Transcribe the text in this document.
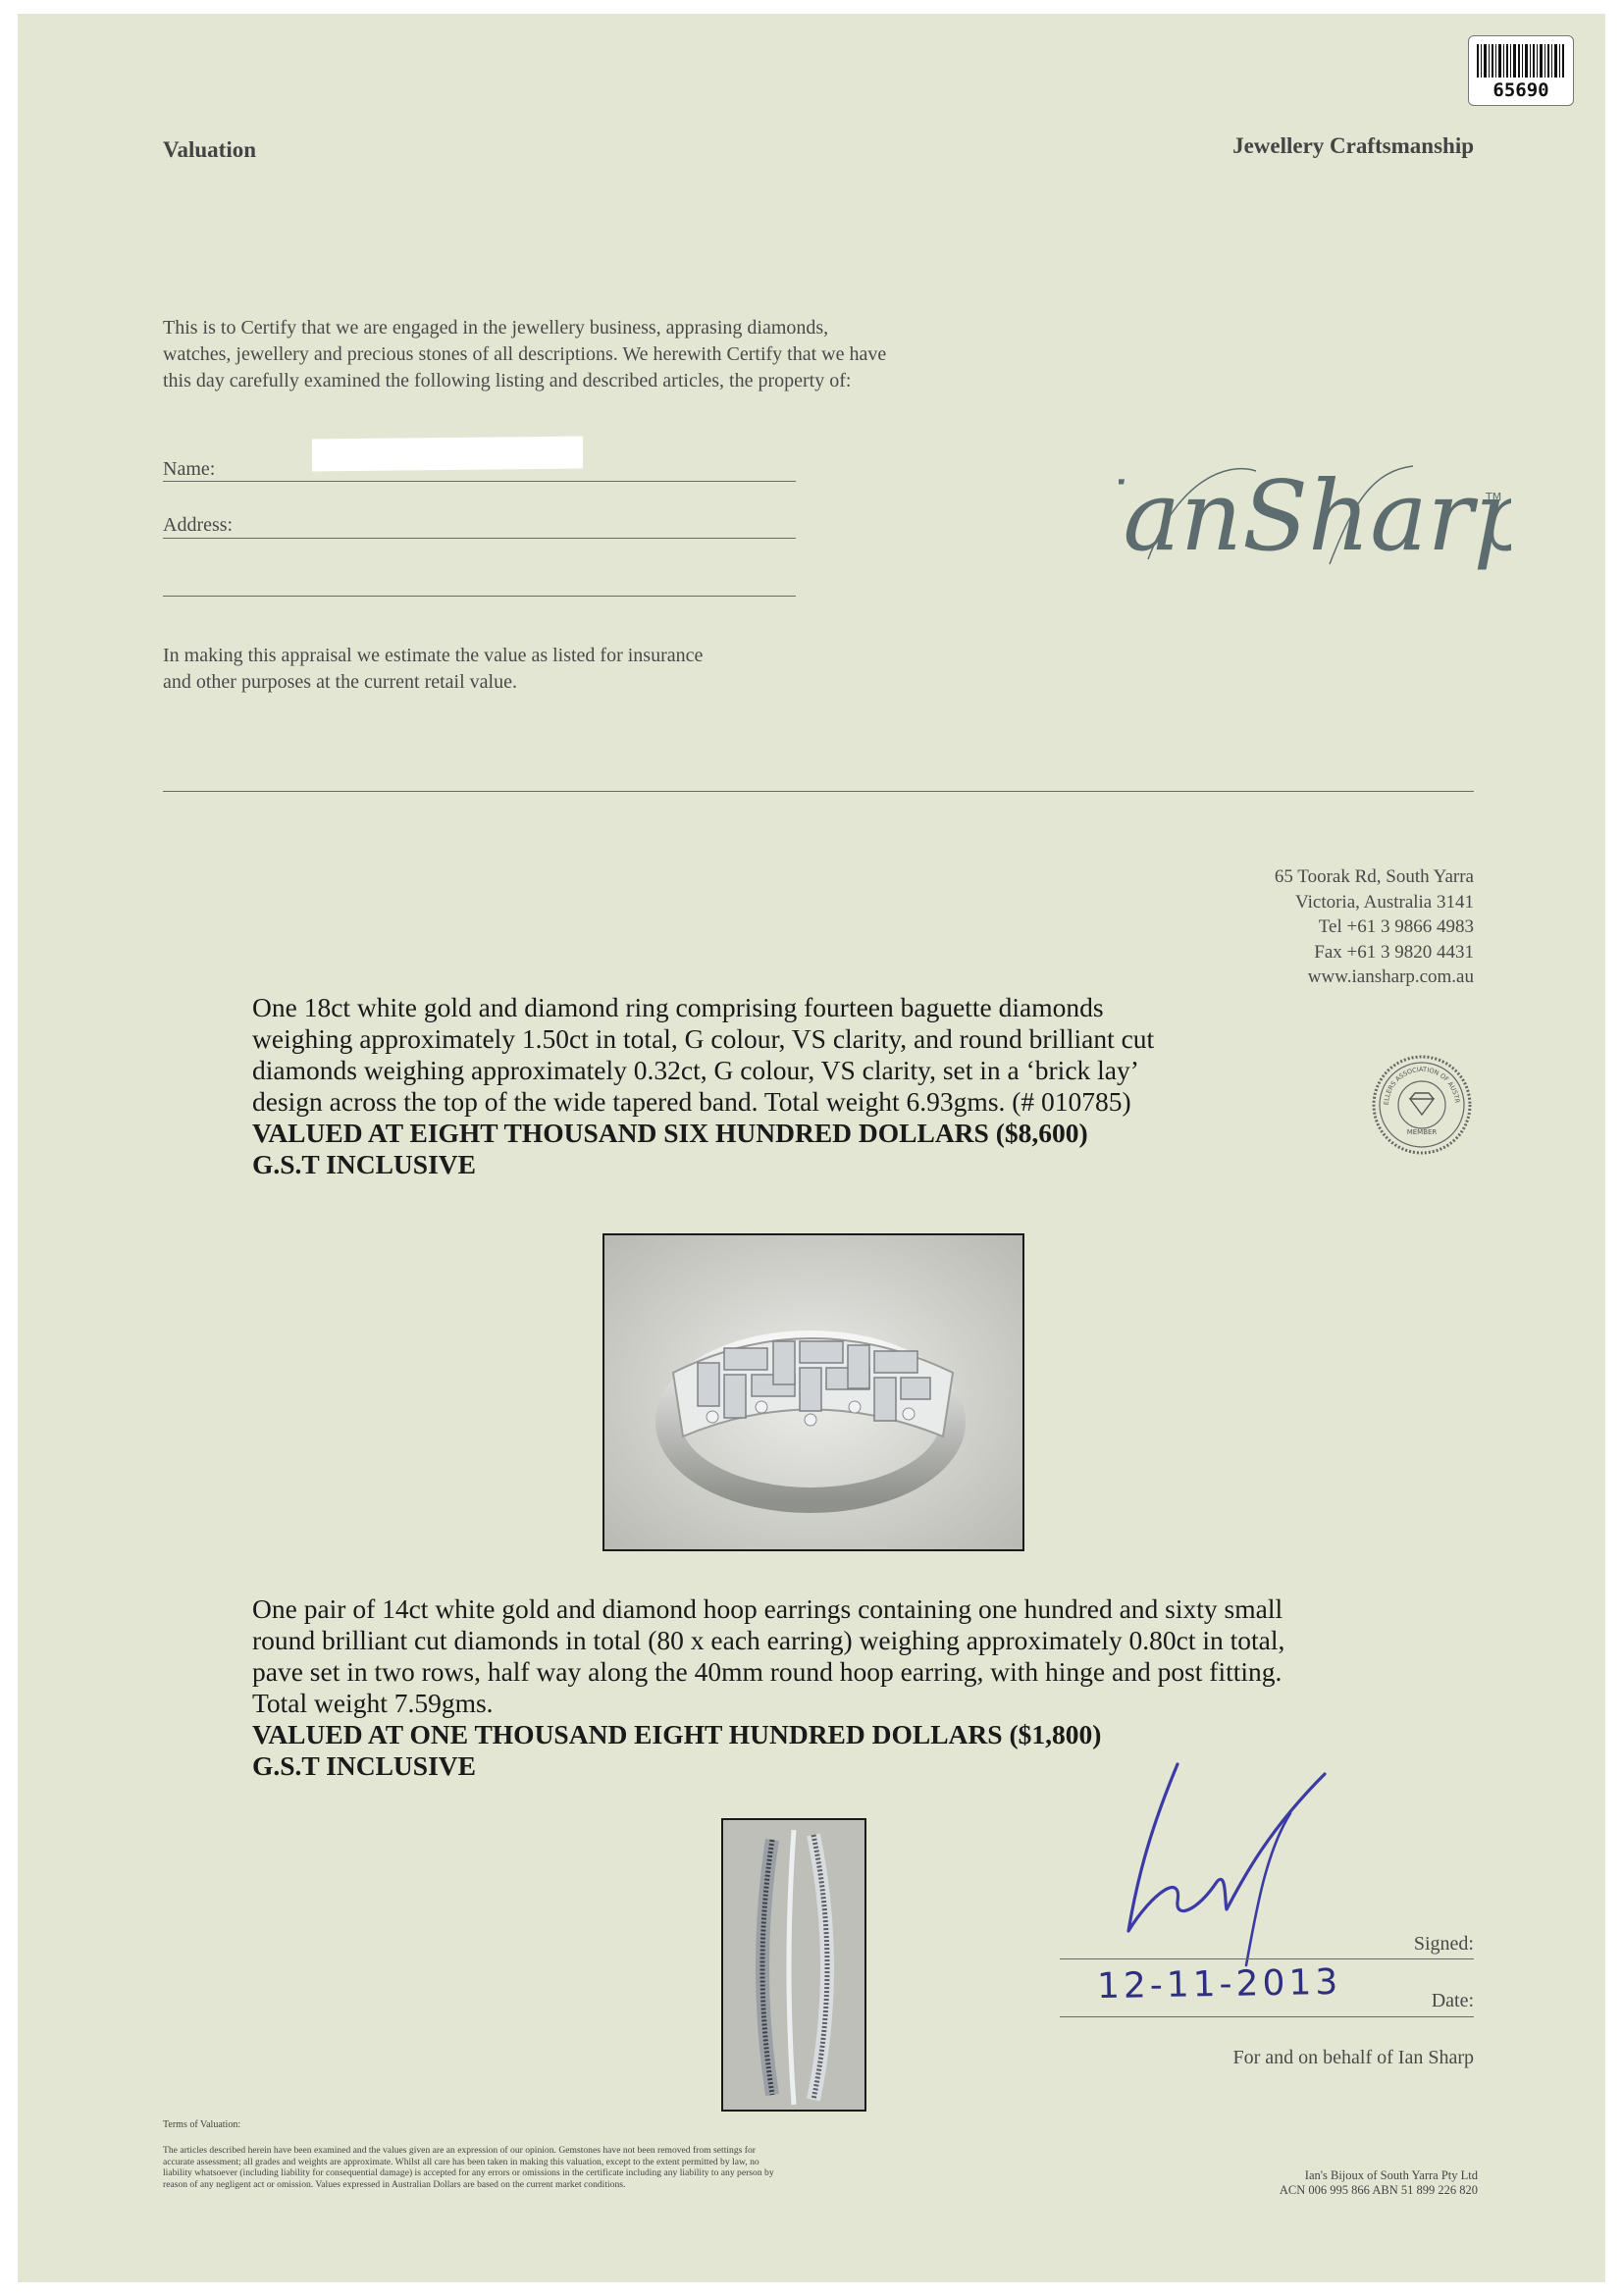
65690
Valuation	Jewellery Craftsmanship
This is to Certify that we are engaged in the jewellery business, apprasing diamonds,
watches, jewellery and precious stones of all descriptions. We herewith Certify that we have
this day carefully examined the following listing and described articles, the property of:
Name:
Address:	anShar	TM
In making this appraisal we estimate the value as listed for insurance
and other purposes at the current retail value.
65 Toorak Rd, South Yarra
Victoria, Australia 3141
Tel +61 3 9866 4983
Fax +61 3 9820 4431
www.iansharp.com.au
ELLERS ASSOCIATION OF AUSTR
MEMBER
One 18ct white gold and diamond ring comprising fourteen baguette diamonds
weighing approximately 1.50ct in total, G colour, VS clarity, and round brilliant cut
diamonds weighing approximately 0.32ct, G colour, VS clarity, set in a ‘brick lay’
design across the top of the wide tapered band. Total weight 6.93gms. (# 010785)
VALUED AT EIGHT THOUSAND SIX HUNDRED DOLLARS ($8,600)
G.S.T INCLUSIVE
One pair of 14ct white gold and diamond hoop earrings containing one hundred and sixty small
round brilliant cut diamonds in total (80 x each earring) weighing approximately 0.80ct in total,
pave set in two rows, half way along the 40mm round hoop earring, with hinge and post fitting.
Total weight 7.59gms.
VALUED AT ONE THOUSAND EIGHT HUNDRED DOLLARS ($1,800)
G.S.T INCLUSIVE
Signed:
12-11-2013	Date:
For and on behalf of Ian Sharp
Terms of Valuation:
The articles described herein have been examined and the values given are an expression of our opinion. Gemstones have not been removed from settings for
accurate assessment; all grades and weights are approximate. Whilst all care has been taken in making this valuation, except to the extent permitted by law, no
liability whatsoever (including liability for consequential damage) is accepted for any errors or omissions in the certificate including any liability to any person by
reason of any negligent act or omission. Values expressed in Australian Dollars are based on the current market conditions.
Ian's Bijoux of South Yarra Pty Ltd
ACN 006 995 866 ABN 51 899 226 820
